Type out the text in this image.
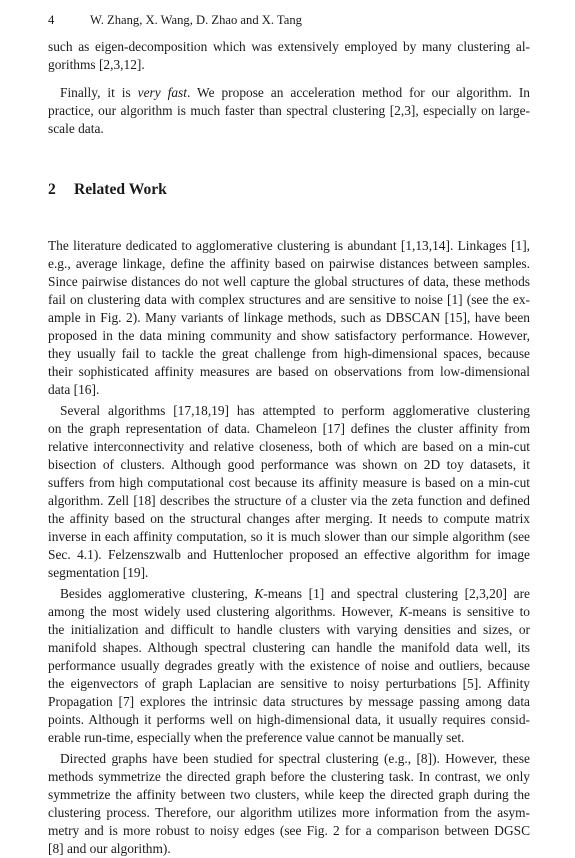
4	W. Zhang, X. Wang, D. Zhao and X. Tang
such as eigen-decomposition which was extensively employed by many clustering al-
gorithms [2,3,12].
Finally, it is very fast. We propose an acceleration method for our algorithm. In
practice, our algorithm is much faster than spectral clustering [2,3], especially on large-
scale data.
2 Related Work
The literature dedicated to agglomerative clustering is abundant [1,13,14]. Linkages [1],
e.g., average linkage, define the affinity based on pairwise distances between samples.
Since pairwise distances do not well capture the global structures of data, these methods
fail on clustering data with complex structures and are sensitive to noise [1] (see the ex-
ample in Fig. 2). Many variants of linkage methods, such as DBSCAN [15], have been
proposed in the data mining community and show satisfactory performance. However,
they usually fail to tackle the great challenge from high-dimensional spaces, because
their sophisticated affinity measures are based on observations from low-dimensional
data [16].
Several algorithms [17,18,19] has attempted to perform agglomerative clustering
on the graph representation of data. Chameleon [17] defines the cluster affinity from
relative interconnectivity and relative closeness, both of which are based on a min-cut
bisection of clusters. Although good performance was shown on 2D toy datasets, it
suffers from high computational cost because its affinity measure is based on a min-cut
algorithm. Zell [18] describes the structure of a cluster via the zeta function and defined
the affinity based on the structural changes after merging. It needs to compute matrix
inverse in each affinity computation, so it is much slower than our simple algorithm (see
Sec. 4.1). Felzenszwalb and Huttenlocher proposed an effective algorithm for image
segmentation [19].
Besides agglomerative clustering, K-means [1] and spectral clustering [2,3,20] are
among the most widely used clustering algorithms. However, K-means is sensitive to
the initialization and difficult to handle clusters with varying densities and sizes, or
manifold shapes. Although spectral clustering can handle the manifold data well, its
performance usually degrades greatly with the existence of noise and outliers, because
the eigenvectors of graph Laplacian are sensitive to noisy perturbations [5]. Affinity
Propagation [7] explores the intrinsic data structures by message passing among data
points. Although it performs well on high-dimensional data, it usually requires consid-
erable run-time, especially when the preference value cannot be manually set.
Directed graphs have been studied for spectral clustering (e.g., [8]). However, these
methods symmetrize the directed graph before the clustering task. In contrast, we only
symmetrize the affinity between two clusters, while keep the directed graph during the
clustering process. Therefore, our algorithm utilizes more information from the asym-
metry and is more robust to noisy edges (see Fig. 2 for a comparison between DGSC
[8] and our algorithm).
